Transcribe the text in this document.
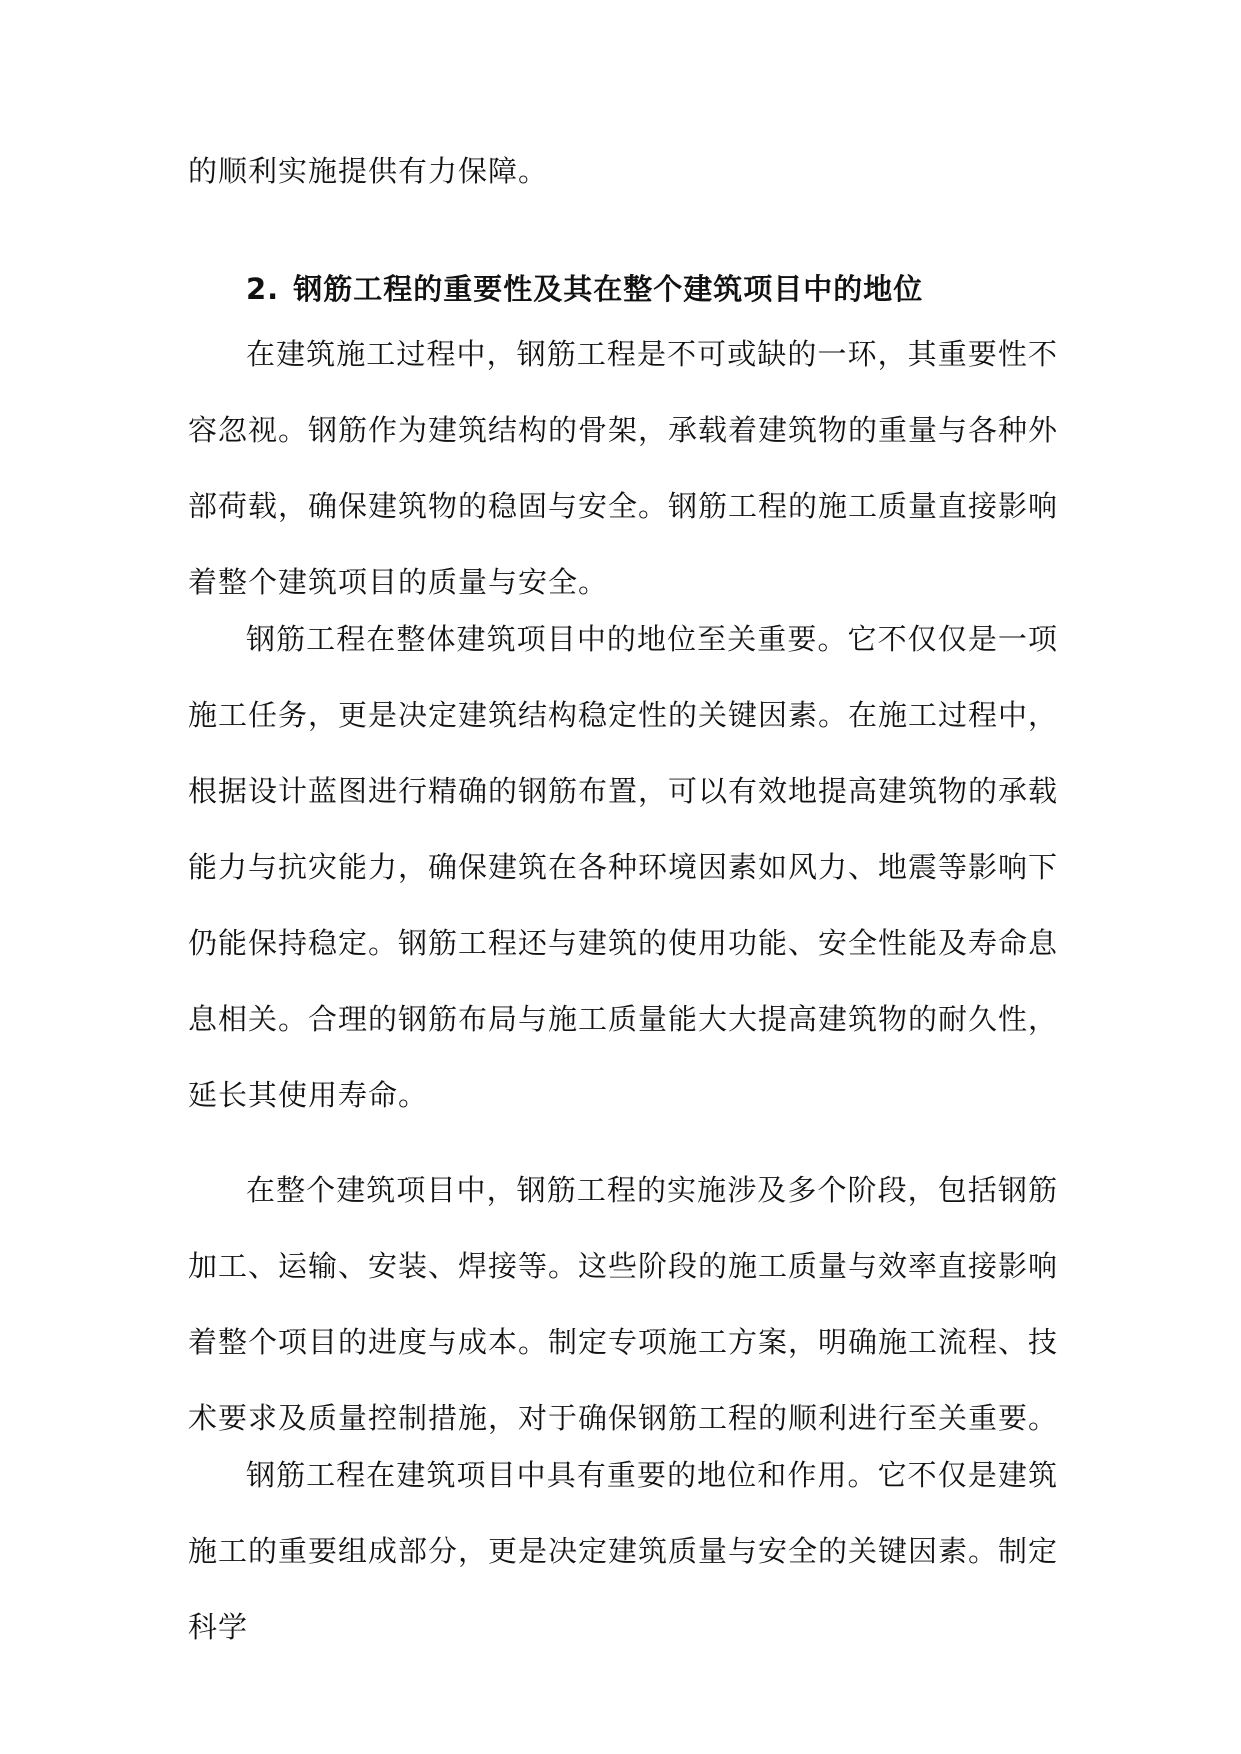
的顺利实施提供有力保障。

2. 钢筋工程的重要性及其在整个建筑项目中的地位

在建筑施工过程中，钢筋工程是不可或缺的一环，其重要性不容忽视。钢筋作为建筑结构的骨架，承载着建筑物的重量与各种外部荷载，确保建筑物的稳固与安全。钢筋工程的施工质量直接影响着整个建筑项目的质量与安全。

钢筋工程在整体建筑项目中的地位至关重要。它不仅仅是一项施工任务，更是决定建筑结构稳定性的关键因素。在施工过程中，根据设计蓝图进行精确的钢筋布置，可以有效地提高建筑物的承载能力与抗灾能力，确保建筑在各种环境因素如风力、地震等影响下仍能保持稳定。钢筋工程还与建筑的使用功能、安全性能及寿命息息相关。合理的钢筋布局与施工质量能大大提高建筑物的耐久性，延长其使用寿命。

在整个建筑项目中，钢筋工程的实施涉及多个阶段，包括钢筋加工、运输、安装、焊接等。这些阶段的施工质量与效率直接影响着整个项目的进度与成本。制定专项施工方案，明确施工流程、技术要求及质量控制措施，对于确保钢筋工程的顺利进行至关重要。

钢筋工程在建筑项目中具有重要的地位和作用。它不仅是建筑施工的重要组成部分，更是决定建筑质量与安全的关键因素。制定科学
